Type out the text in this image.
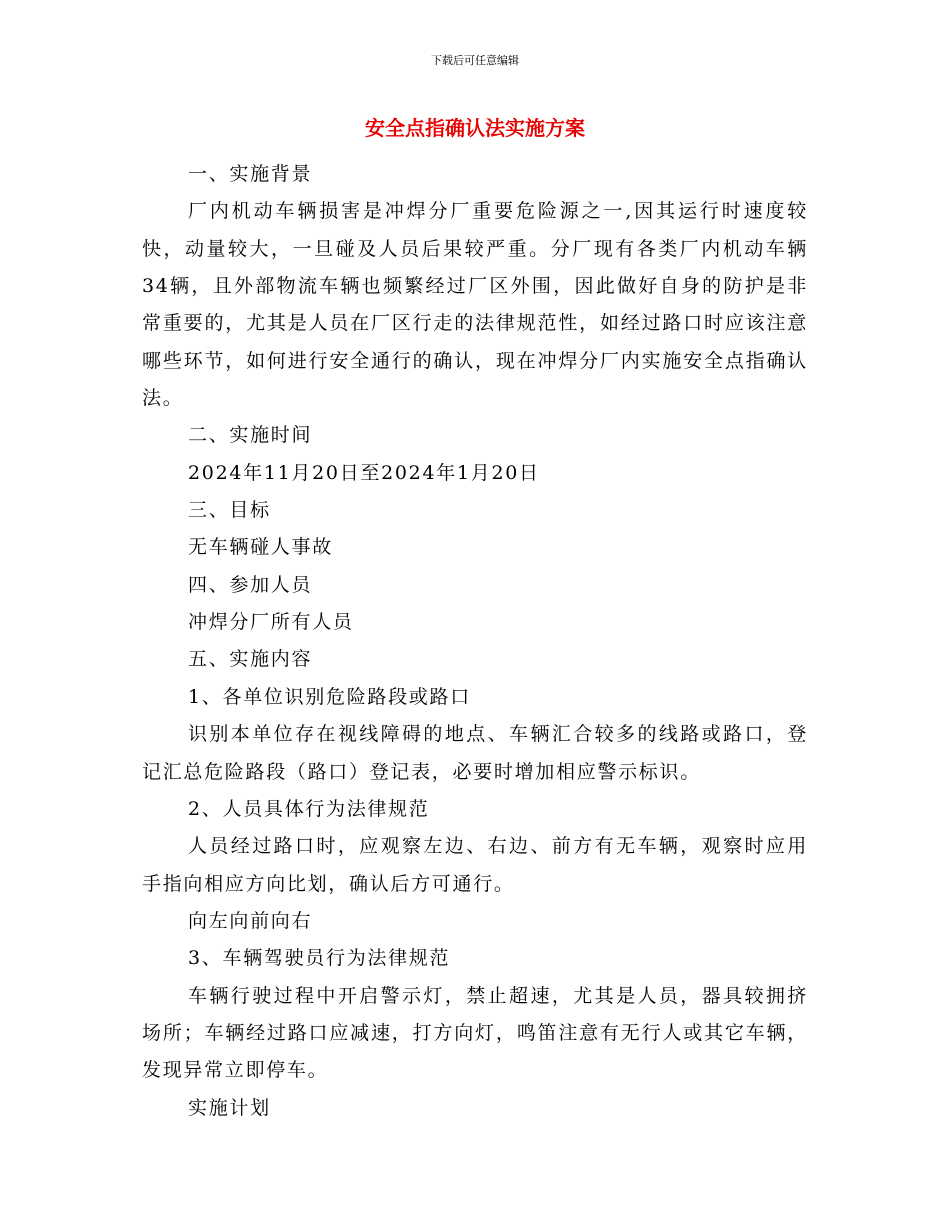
下载后可任意编辑
安全点指确认法实施方案

一、实施背景

厂内机动车辆损害是冲焊分厂重要危险源之一,因其运行时速度较快，动量较大，一旦碰及人员后果较严重。分厂现有各类厂内机动车辆34辆，且外部物流车辆也频繁经过厂区外围，因此做好自身的防护是非常重要的，尤其是人员在厂区行走的法律规范性，如经过路口时应该注意哪些环节，如何进行安全通行的确认，现在冲焊分厂内实施安全点指确认法。

二、实施时间

2024年11月20日至2024年1月20日

三、目标

无车辆碰人事故

四、参加人员

冲焊分厂所有人员

五、实施内容

1、各单位识别危险路段或路口

识别本单位存在视线障碍的地点、车辆汇合较多的线路或路口，登记汇总危险路段（路口）登记表，必要时增加相应警示标识。

2、人员具体行为法律规范

人员经过路口时，应观察左边、右边、前方有无车辆，观察时应用手指向相应方向比划，确认后方可通行。

向左向前向右

3、车辆驾驶员行为法律规范

车辆行驶过程中开启警示灯，禁止超速，尤其是人员，器具较拥挤场所；车辆经过路口应减速，打方向灯，鸣笛注意有无行人或其它车辆，发现异常立即停车。

实施计划
